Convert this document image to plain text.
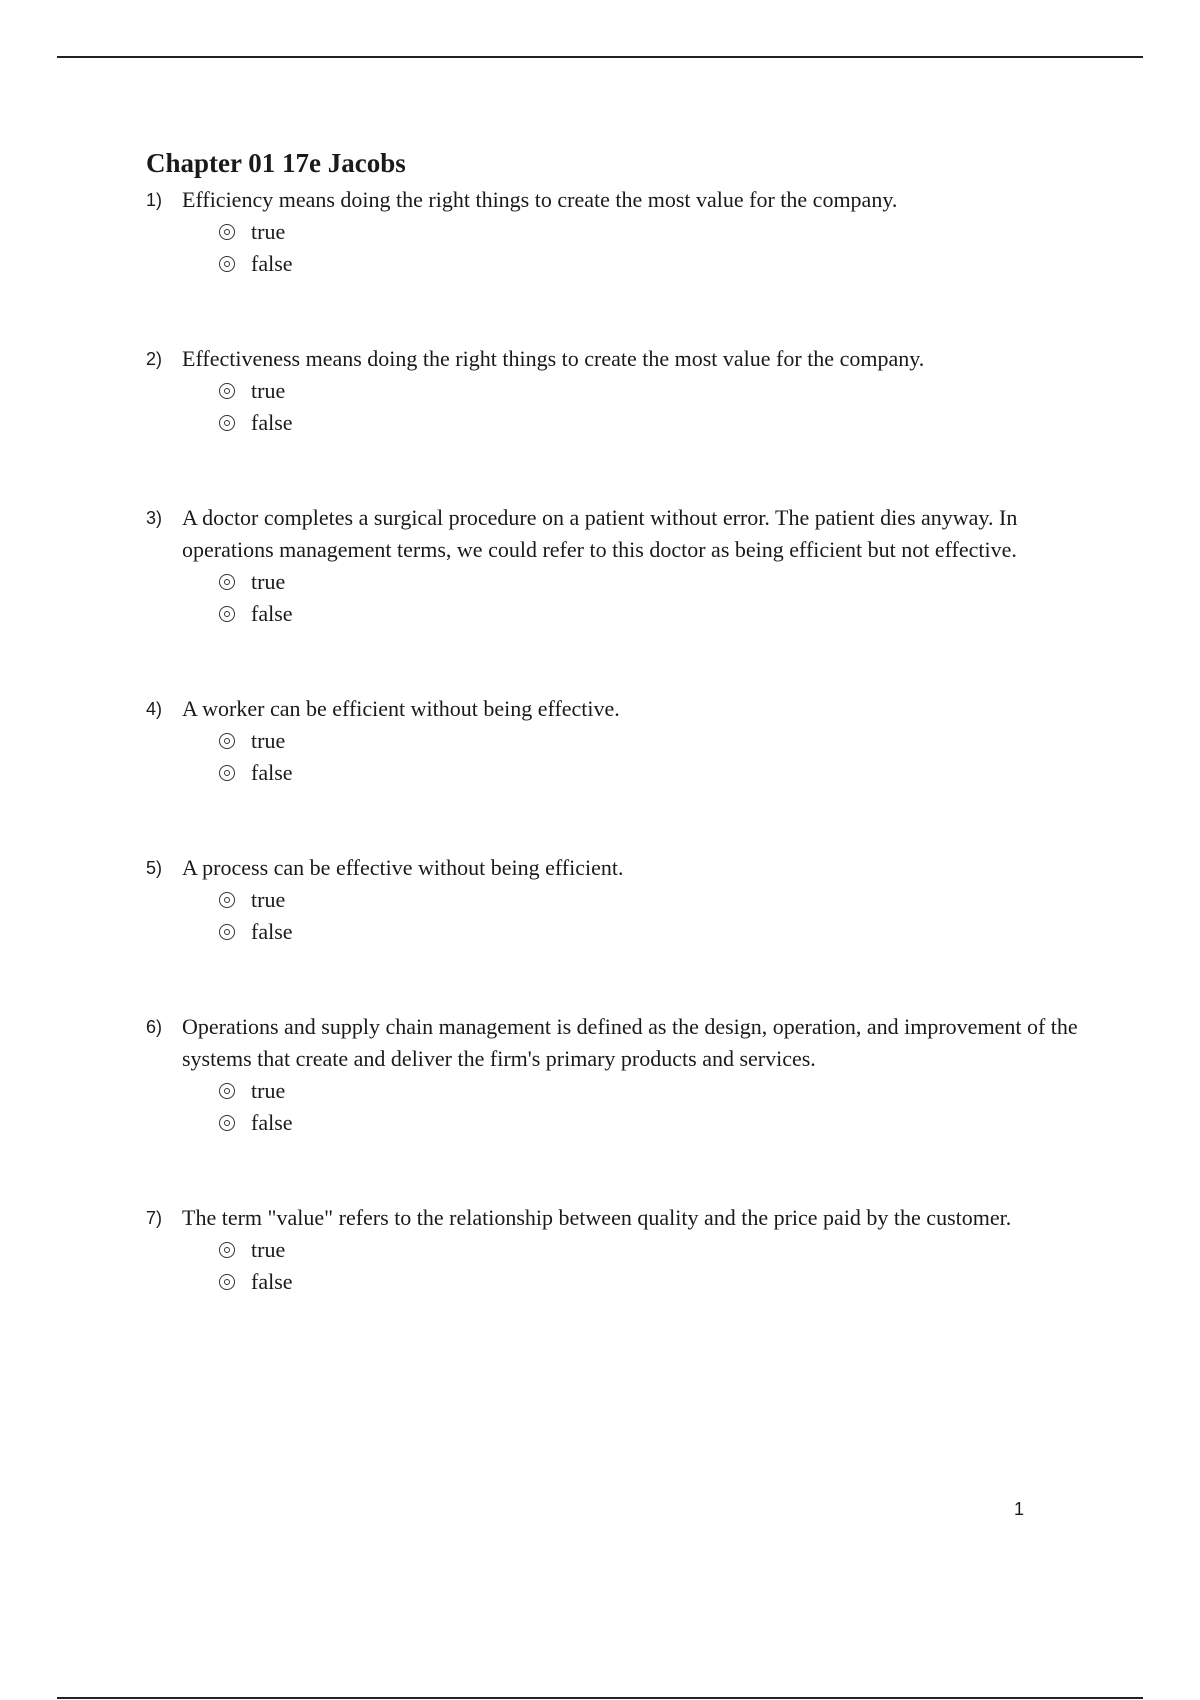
Chapter 01 17e Jacobs
1) Efficiency means doing the right things to create the most value for the company.
true
false
2) Effectiveness means doing the right things to create the most value for the company.
true
false
3) A doctor completes a surgical procedure on a patient without error. The patient dies anyway. In operations management terms, we could refer to this doctor as being efficient but not effective.
true
false
4) A worker can be efficient without being effective.
true
false
5) A process can be effective without being efficient.
true
false
6) Operations and supply chain management is defined as the design, operation, and improvement of the systems that create and deliver the firm's primary products and services.
true
false
7) The term "value" refers to the relationship between quality and the price paid by the customer.
true
false
1
